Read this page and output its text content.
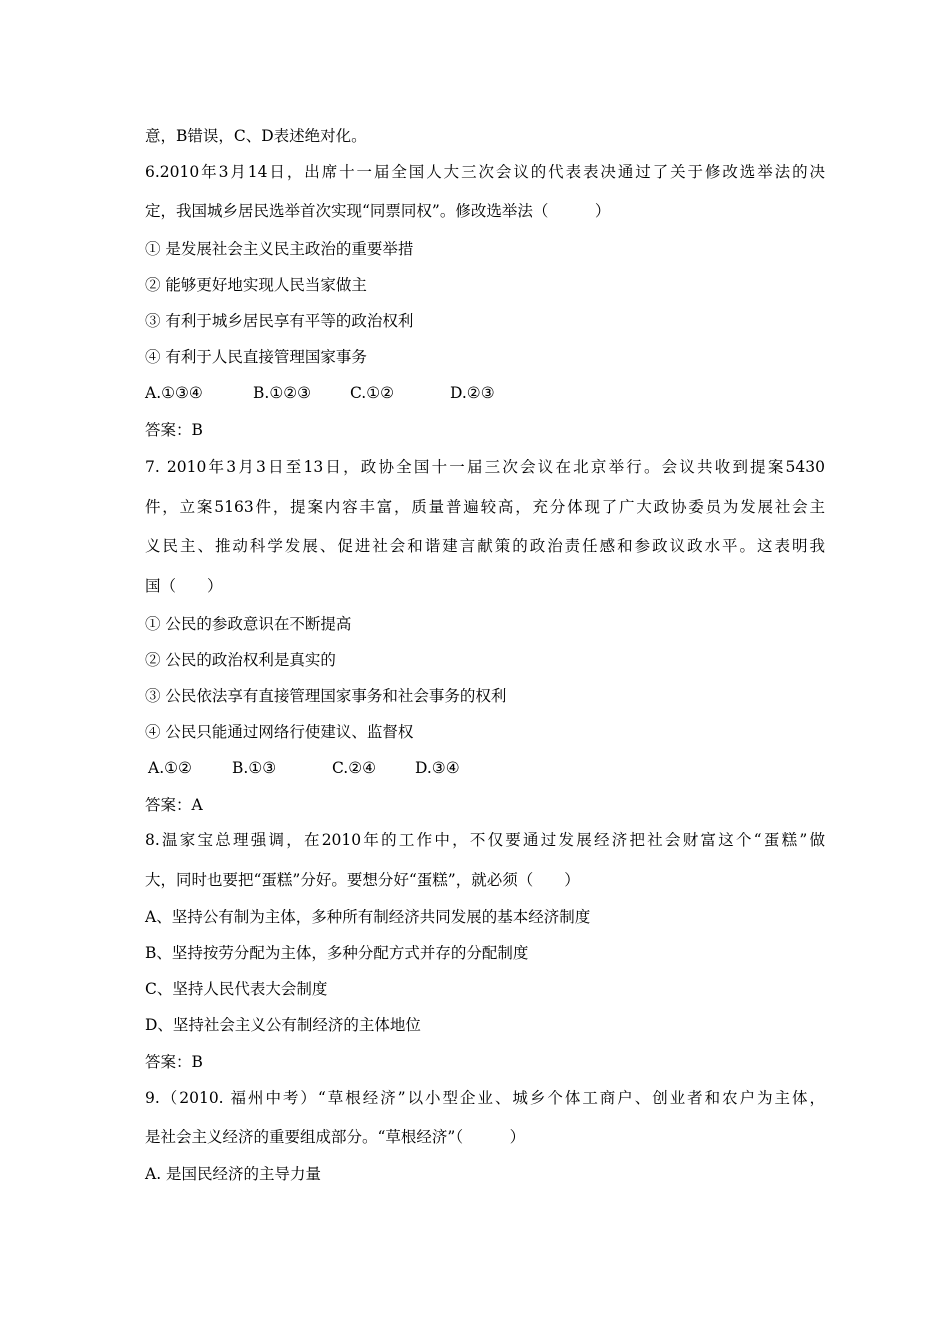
意，B错误，C、D表述绝对化。
6.2010年3月14日，出席十一届全国人大三次会议的代表表决通过了关于修改选举法的决
定，我国城乡居民选举首次实现“同票同权”。修改选举法（　　　）
① 是发展社会主义民主政治的重要举措
② 能够更好地实现人民当家做主
③ 有利于城乡居民享有平等的政治权利
④ 有利于人民直接管理国家事务
A.①③④	B.①②③	C.①②	D.②③
答案：B
7. 2010年3月3日至13日，政协全国十一届三次会议在北京举行。会议共收到提案5430
件，立案5163件，提案内容丰富，质量普遍较高，充分体现了广大政协委员为发展社会主
义民主、推动科学发展、促进社会和谐建言献策的政治责任感和参政议政水平。这表明我
国（　　）
① 公民的参政意识在不断提高
② 公民的政治权利是真实的
③ 公民依法享有直接管理国家事务和社会事务的权利
④ 公民只能通过网络行使建议、监督权
A.①②	B.①③	C.②④	D.③④
答案：A
8.温家宝总理强调，在2010年的工作中，不仅要通过发展经济把社会财富这个“蛋糕”做
大，同时也要把“蛋糕”分好。要想分好“蛋糕”，就必须（　　）
A、坚持公有制为主体，多种所有制经济共同发展的基本经济制度
B、坚持按劳分配为主体，多种分配方式并存的分配制度
C、坚持人民代表大会制度
D、坚持社会主义公有制经济的主体地位
答案：B
9.（2010. 福州中考）“草根经济”以小型企业、城乡个体工商户、创业者和农户为主体，
是社会主义经济的重要组成部分。“草根经济”（　　　）
A. 是国民经济的主导力量
